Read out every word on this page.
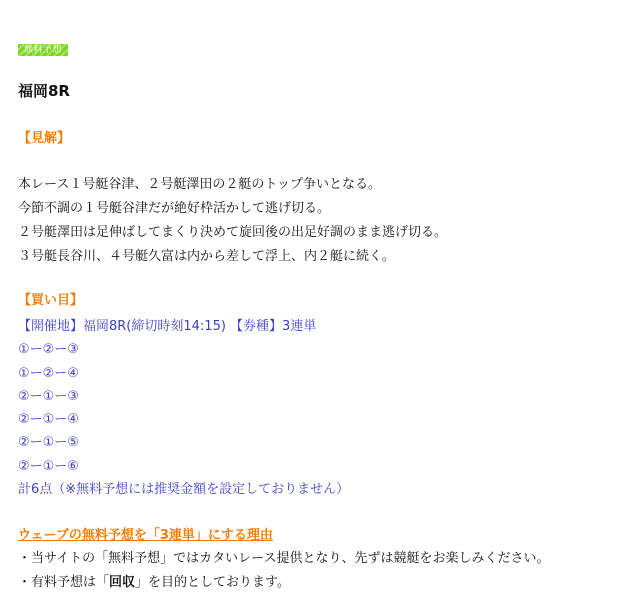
無料予想
福岡8R
【見解】
本レース１号艇谷津、２号艇澤田の２艇のトップ争いとなる。
今節不調の１号艇谷津だが絶好枠活かして逃げ切る。
２号艇澤田は足伸ばしてまくり決めて旋回後の出足好調のまま逃げ切る。
３号艇長谷川、４号艇久富は内から差して浮上、内２艇に続く。
【買い目】
【開催地】福岡8R(締切時刻14:15) 【券種】3連単
①ー②ー③
①ー②ー④
②ー①ー③
②ー①ー④
②ー①ー⑤
②ー①ー⑥
計6点（※無料予想には推奨金額を設定しておりません）
ウェーブの無料予想を「3連単」にする理由
・当サイトの「無料予想」ではカタいレース提供となり、先ずは競艇をお楽しみください。
・有料予想は「回収」を目的としております。
